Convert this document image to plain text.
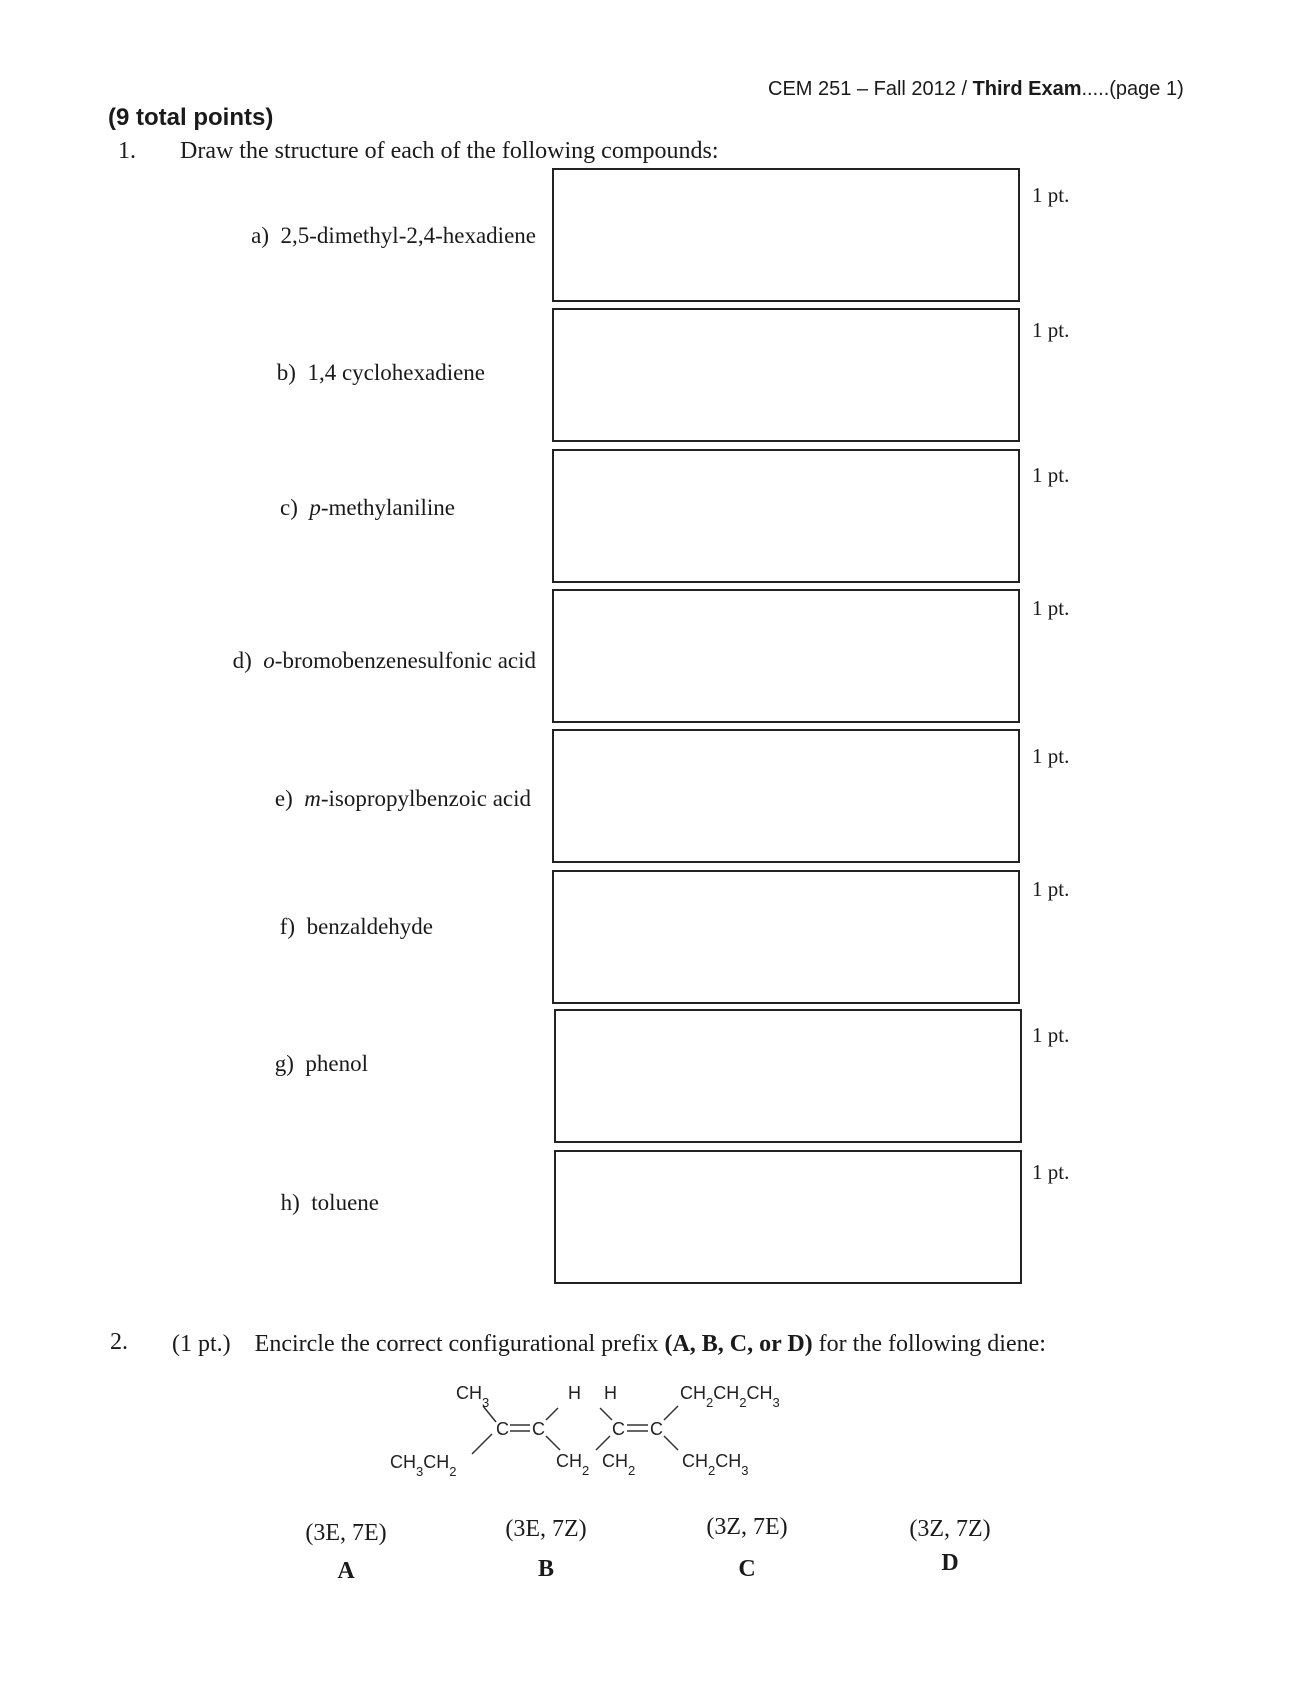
CEM 251 – Fall 2012 / Third Exam.....(page 1)
(9 total points)
1. Draw the structure of each of the following compounds:
a) 2,5-dimethyl-2,4-hexadiene
1 pt.
b) 1,4 cyclohexadiene
1 pt.
c) p-methylaniline
1 pt.
d) o-bromobenzenesulfonic acid
1 pt.
e) m-isopropylbenzoic acid
1 pt.
f) benzaldehyde
1 pt.
g) phenol
1 pt.
h) toluene
1 pt.
2. (1 pt.) Encircle the correct configurational prefix (A, B, C, or D) for the following diene:
$CH_3$	H H	$CH_2CH_2CH_3$
C C	C C
$CH_3CH_2$	$CH_2$ $CH_2$	$CH_2CH_3$
(3E, 7E)
A
(3E, 7Z)
B
(3Z, 7E)
C
(3Z, 7Z)
D
